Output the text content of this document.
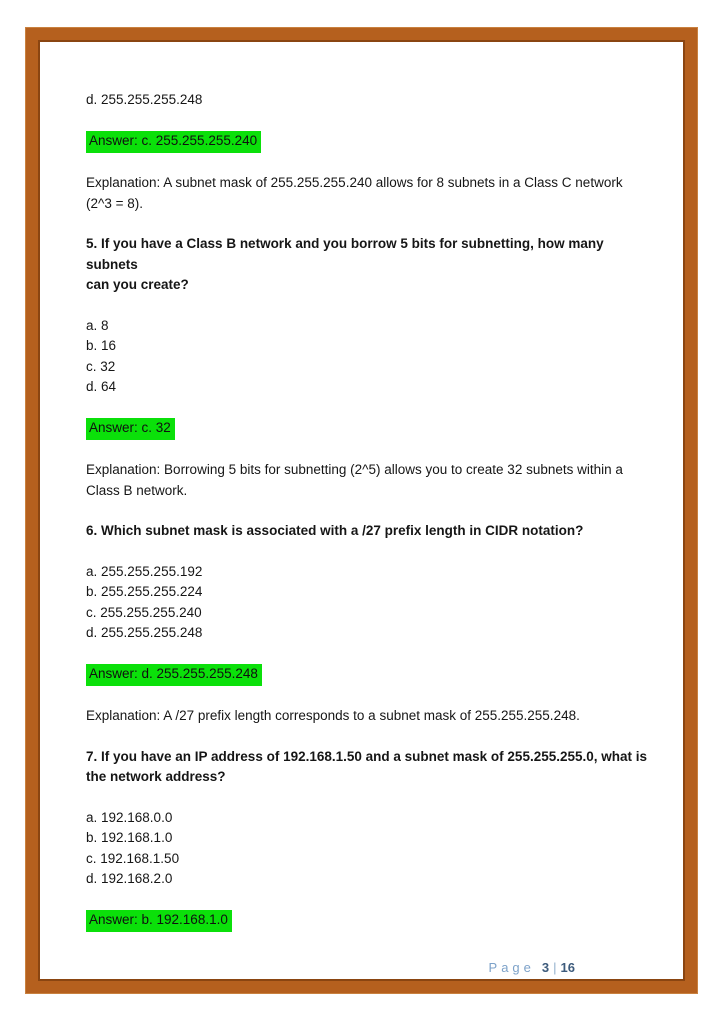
d. 255.255.255.248

Answer: c. 255.255.255.240

Explanation: A subnet mask of 255.255.255.240 allows for 8 subnets in a Class C network
(2^3 = 8).

5. If you have a Class B network and you borrow 5 bits for subnetting, how many subnets
can you create?

a. 8
b. 16
c. 32
d. 64

Answer: c. 32

Explanation: Borrowing 5 bits for subnetting (2^5) allows you to create 32 subnets within a
Class B network.

6. Which subnet mask is associated with a /27 prefix length in CIDR notation?

a. 255.255.255.192
b. 255.255.255.224
c. 255.255.255.240
d. 255.255.255.248

Answer: d. 255.255.255.248

Explanation: A /27 prefix length corresponds to a subnet mask of 255.255.255.248.

7. If you have an IP address of 192.168.1.50 and a subnet mask of 255.255.255.0, what is
the network address?

a. 192.168.0.0
b. 192.168.1.0
c. 192.168.1.50
d. 192.168.2.0

Answer: b. 192.168.1.0

Page 3 | 16
